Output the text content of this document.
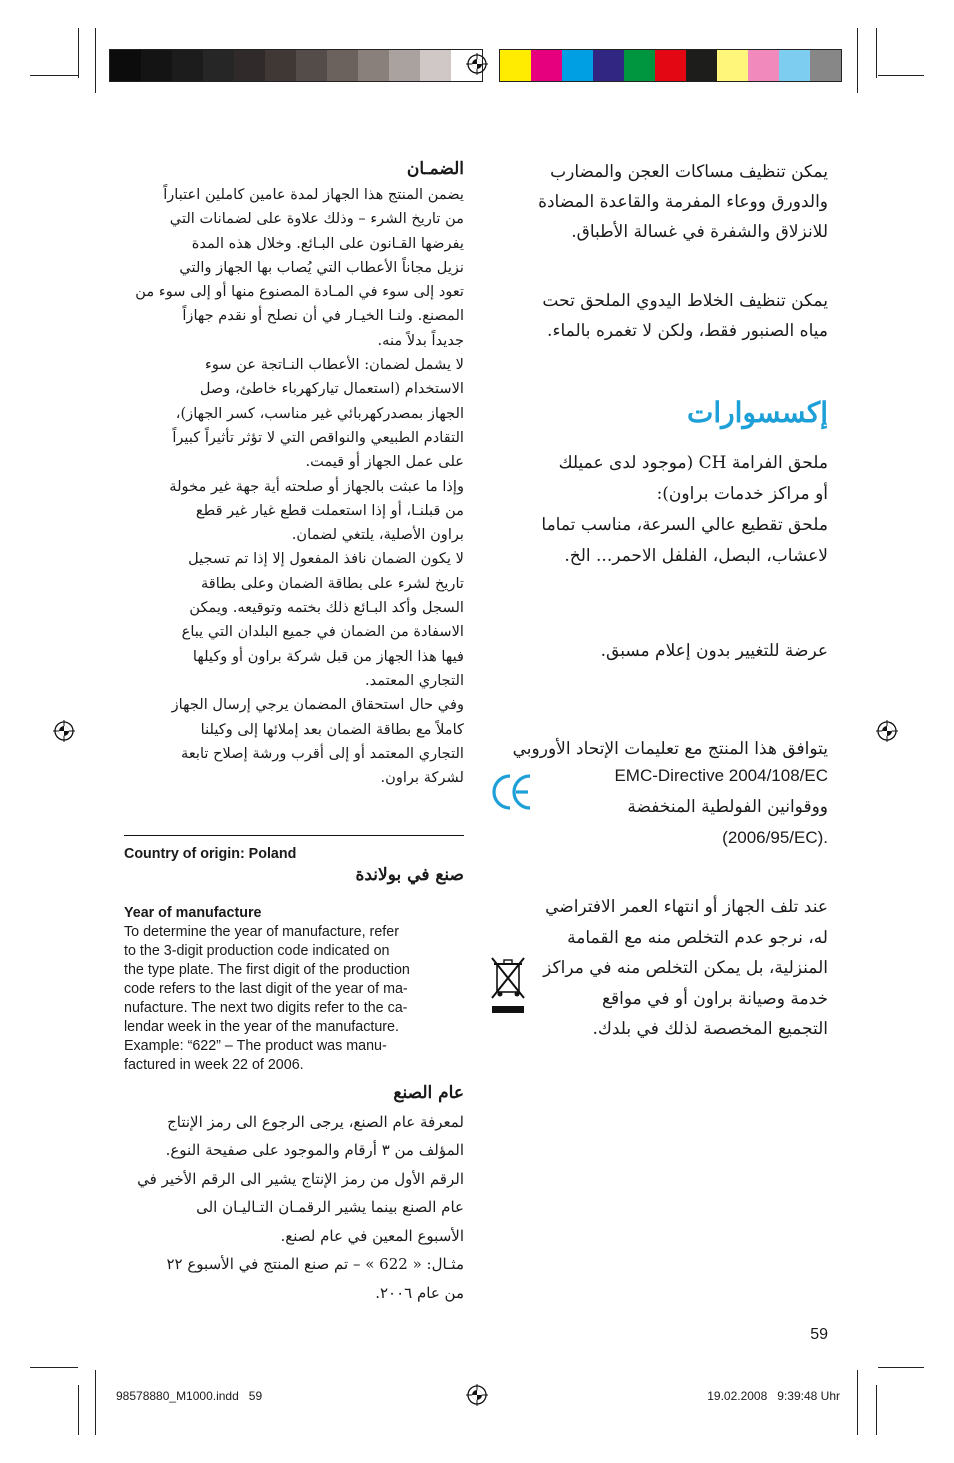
يمكن تنظيف مساكات العجن والمضارب
والدورق ووعاء المفرمة والقاعدة المضادة
للانزلاق والشفرة في غسالة الأطباق.
يمكن تنظيف الخلاط اليدوي الملحق تحت
مياه الصنبور فقط، ولكن لا تغمره بالماء.
إكسسوارات
ملحق الفرامة CH (موجود لدى عميلك
أو مراكز خدمات براون):
ملحق تقطيع عالي السرعة، مناسب تماما
لاعشاب، البصل، الفلفل الاحمر... الخ.
عرضة للتغيير بدون إعلام مسبق.
يتوافق هذا المنتج مع تعليمات الإتحاد الأوروبي
EMC-Directive 2004/108/EC
ووقوانين الفولطية المنخفضة
(2006/95/EC).
عند تلف الجهاز أو انتهاء العمر الافتراضي
له، نرجو عدم التخلص منه مع القمامة
المنزلية، بل يمكن التخلص منه في مراكز
خدمة وصيانة براون أو في مواقع
التجميع المخصصة لذلك في بلدك.
الضمـان
يضمن المنتج هذا الجهاز لمدة عامين كاملين اعتباراً
من تاريخ الشرء – وذلك علاوة على لضمانات التي
يفرضها القـانون على البـائع. وخلال هذه المدة
نزيل مجاناً الأعطاب التي يُصاب بها الجهاز والتي
تعود إلى سوء في المـادة المصنوع منها أو إلى سوء من
المصنع. ولنـا الخيـار في أن نصلح أو نقدم جهازاً
جديداً بدلاً منه.
لا يشمل لضمان: الأعطاب النـاتجة عن سوء
الاستخدام (استعمال تياركهرباء خاطئ، وصل
الجهاز بمصدركهربائي غير مناسب، كسر الجهاز)،
التقادم الطبيعي والنواقص التي لا تؤثر تأثيراً كبيراً
على عمل الجهاز أو قيمت.
وإذا ما عبثت بالجهاز أو صلحته أية جهة غير مخولة
من قبلنـا، أو إذا استعملت قطع غيار غير قطع
براون الأصلية، يلتغي لضمان.
لا يكون الضمان نافذ المفعول إلا إذا تم تسجيل
تاريخ لشرء على بطاقة الضمان وعلى بطاقة
السجل وأكد البـائع ذلك بختمه وتوقيعه. ويمكن
الاسفادة من الضمان في جميع البلدان التي يباع
فيها هذا الجهاز من قبل شركة براون أو وكيلها
التجاري المعتمد.
وفي حال استحقاق المضمان يرجي إرسال الجهاز
كاملاً مع بطاقة الضمان بعد إملائها إلى وكيلنا
التجاري المعتمد أو إلى أقرب ورشة إصلاح تابعة
لشركة براون.
Country of origin: Poland
صنع في بولاندة
Year of manufacture
To determine the year of manufacture, refer
to the 3-digit production code indicated on
the type plate. The first digit of the production
code refers to the last digit of the year of ma-
nufacture. The next two digits refer to the ca-
lendar week in the year of the manufacture.
Example: “622” – The product was manu-
factured in week 22 of 2006.
عام الصنع
لمعرفة عام الصنع، يرجى الرجوع الى رمز الإنتاج
المؤلف من ٣ أرقام والموجود على صفيحة النوع.
الرقم الأول من رمز الإنتاج يشير الى الرقم الأخير في
عام الصنع بينما يشير الرقمـان التـاليـان الى
الأسبوع المعين في عام لصنع.
مثـال: « 622 » – تم صنع المنتج في الأسبوع ٢٢
من عام ٢٠٠٦.
59
98578880_M1000.indd   59	19.02.2008   9:39:48 Uhr
